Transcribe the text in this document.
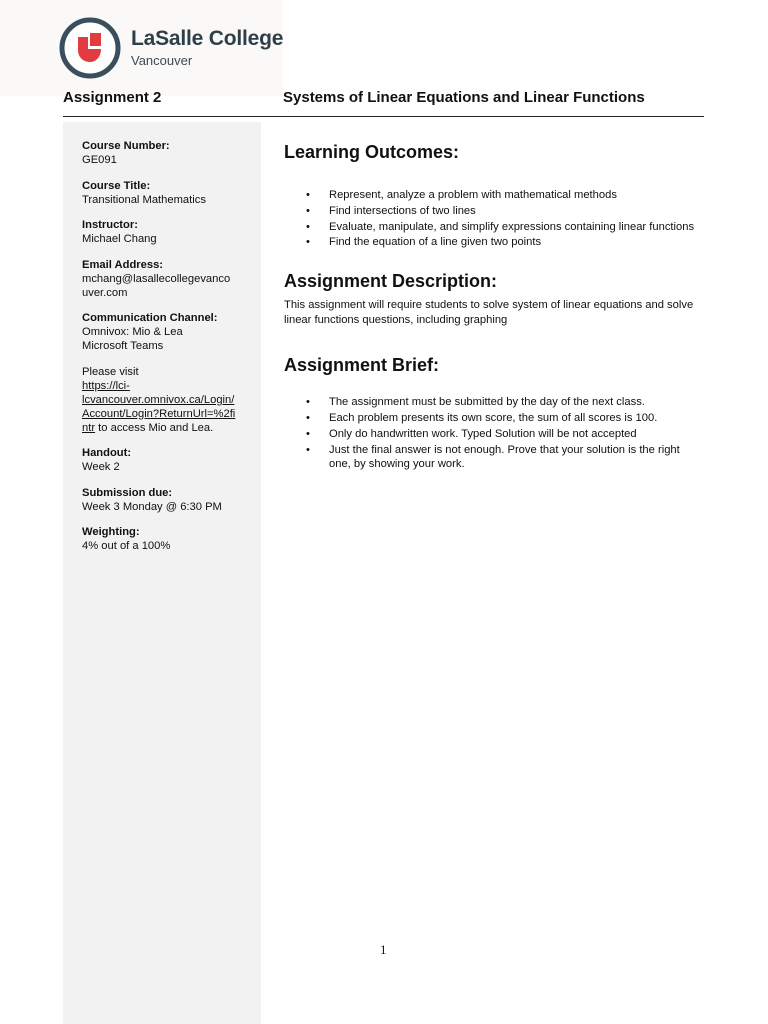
LaSalle College
Vancouver
Assignment 2	Systems of Linear Equations and Linear Functions
Course Number:
GE091
Course Title:
Transitional Mathematics
Instructor:
Michael Chang
Email Address:
mchang@lasallecollegevanco
uver.com
Communication Channel:
Omnivox: Mio & Lea
Microsoft Teams
Please visit
https://lci-
lcvancouver.omnivox.ca/Login/
Account/Login?ReturnUrl=%2fi
ntr to access Mio and Lea.
Handout:
Week 2
Submission due:
Week 3 Monday @ 6:30 PM
Weighting:
4% out of a 100%
Learning Outcomes:
• Represent, analyze a problem with mathematical methods
• Find intersections of two lines
• Evaluate, manipulate, and simplify expressions containing linear functions
• Find the equation of a line given two points
Assignment Description:

This assignment will require students to solve system of linear equations and solve linear functions questions, including graphing

Assignment Brief:
• The assignment must be submitted by the day of the next class.
• Each problem presents its own score, the sum of all scores is 100.
• Only do handwritten work. Typed Solution will be not accepted
• Just the final answer is not enough. Prove that your solution is the right one, by showing your work.
1
